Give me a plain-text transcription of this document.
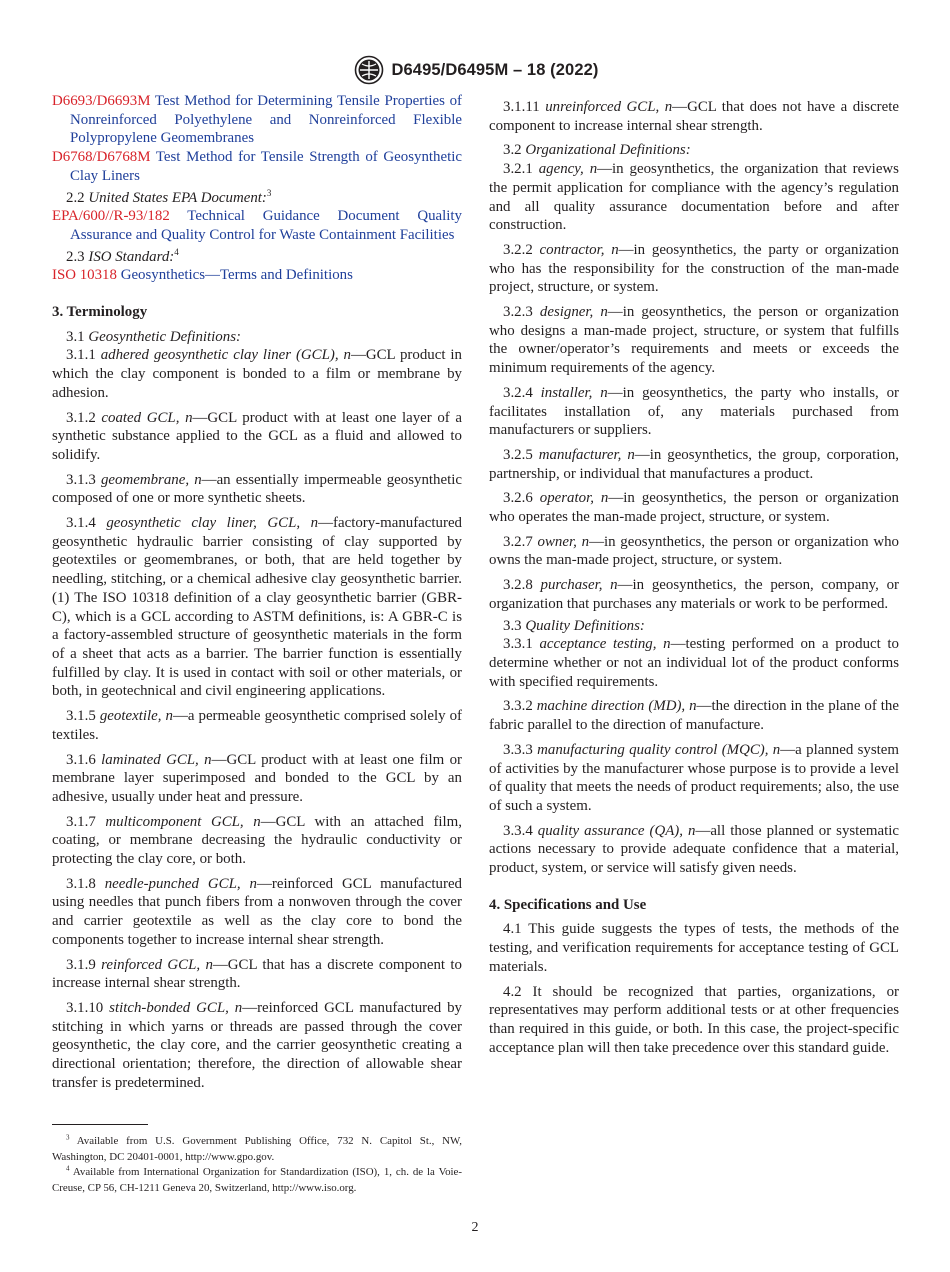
D6495/D6495M – 18 (2022)

D6693/D6693M Test Method for Determining Tensile Properties of Nonreinforced Polyethylene and Nonreinforced Flexible Polypropylene Geomembranes

D6768/D6768M Test Method for Tensile Strength of Geosynthetic Clay Liners

2.2 United States EPA Document:$^3$

EPA/600//R-93/182 Technical Guidance Document Quality Assurance and Quality Control for Waste Containment Facilities

2.3 ISO Standard:$^4$

ISO 10318 Geosynthetics—Terms and Definitions

3. Terminology

3.1 Geosynthetic Definitions:

3.1.1 adhered geosynthetic clay liner (GCL), n—GCL product in which the clay component is bonded to a film or membrane by adhesion.

3.1.2 coated GCL, n—GCL product with at least one layer of a synthetic substance applied to the GCL as a fluid and allowed to solidify.

3.1.3 geomembrane, n—an essentially impermeable geosynthetic composed of one or more synthetic sheets.

3.1.4 geosynthetic clay liner, GCL, n—factory-manufactured geosynthetic hydraulic barrier consisting of clay supported by geotextiles or geomembranes, or both, that are held together by needling, stitching, or a chemical adhesive clay geosynthetic barrier. (1) The ISO 10318 definition of a clay geosynthetic barrier (GBR-C), which is a GCL according to ASTM definitions, is: A GBR-C is a factory-assembled structure of geosynthetic materials in the form of a sheet that acts as a barrier. The barrier function is essentially fulfilled by clay. It is used in contact with soil or other materials, or both, in geotechnical and civil engineering applications.

3.1.5 geotextile, n—a permeable geosynthetic comprised solely of textiles.

3.1.6 laminated GCL, n—GCL product with at least one film or membrane layer superimposed and bonded to the GCL by an adhesive, usually under heat and pressure.

3.1.7 multicomponent GCL, n—GCL with an attached film, coating, or membrane decreasing the hydraulic conductivity or protecting the clay core, or both.

3.1.8 needle-punched GCL, n—reinforced GCL manufactured using needles that punch fibers from a nonwoven through the cover and carrier geotextile as well as the clay core to bond the components together to increase internal shear strength.

3.1.9 reinforced GCL, n—GCL that has a discrete component to increase internal shear strength.

3.1.10 stitch-bonded GCL, n—reinforced GCL manufactured by stitching in which yarns or threads are passed through the cover geosynthetic, the clay core, and the carrier geosynthetic creating a directional orientation; therefore, the direction of allowable shear transfer is predetermined.

$^3$ Available from U.S. Government Publishing Office, 732 N. Capitol St., NW, Washington, DC 20401-0001, http://www.gpo.gov.

$^4$ Available from International Organization for Standardization (ISO), 1, ch. de la Voie-Creuse, CP 56, CH-1211 Geneva 20, Switzerland, http://www.iso.org.

3.1.11 unreinforced GCL, n—GCL that does not have a discrete component to increase internal shear strength.

3.2 Organizational Definitions:

3.2.1 agency, n—in geosynthetics, the organization that reviews the permit application for compliance with the agency’s regulation and all quality assurance documentation before and after construction.

3.2.2 contractor, n—in geosynthetics, the party or organization who has the responsibility for the construction of the man-made project, structure, or system.

3.2.3 designer, n—in geosynthetics, the person or organization who designs a man-made project, structure, or system that fulfills the owner/operator’s requirements and meets or exceeds the minimum requirements of the agency.

3.2.4 installer, n—in geosynthetics, the party who installs, or facilitates installation of, any materials purchased from manufacturers or suppliers.

3.2.5 manufacturer, n—in geosynthetics, the group, corporation, partnership, or individual that manufactures a product.

3.2.6 operator, n—in geosynthetics, the person or organization who operates the man-made project, structure, or system.

3.2.7 owner, n—in geosynthetics, the person or organization who owns the man-made project, structure, or system.

3.2.8 purchaser, n—in geosynthetics, the person, company, or organization that purchases any materials or work to be performed.

3.3 Quality Definitions:

3.3.1 acceptance testing, n—testing performed on a product to determine whether or not an individual lot of the product conforms with specified requirements.

3.3.2 machine direction (MD), n—the direction in the plane of the fabric parallel to the direction of manufacture.

3.3.3 manufacturing quality control (MQC), n—a planned system of activities by the manufacturer whose purpose is to provide a level of quality that meets the needs of product requirements; also, the use of such a system.

3.3.4 quality assurance (QA), n—all those planned or systematic actions necessary to provide adequate confidence that a material, product, system, or service will satisfy given needs.

4. Specifications and Use

4.1 This guide suggests the types of tests, the methods of the testing, and verification requirements for acceptance testing of GCL materials.

4.2 It should be recognized that parties, organizations, or representatives may perform additional tests or at other frequencies than required in this guide, or both. In this case, the project-specific acceptance plan will then take precedence over this standard guide.

2
